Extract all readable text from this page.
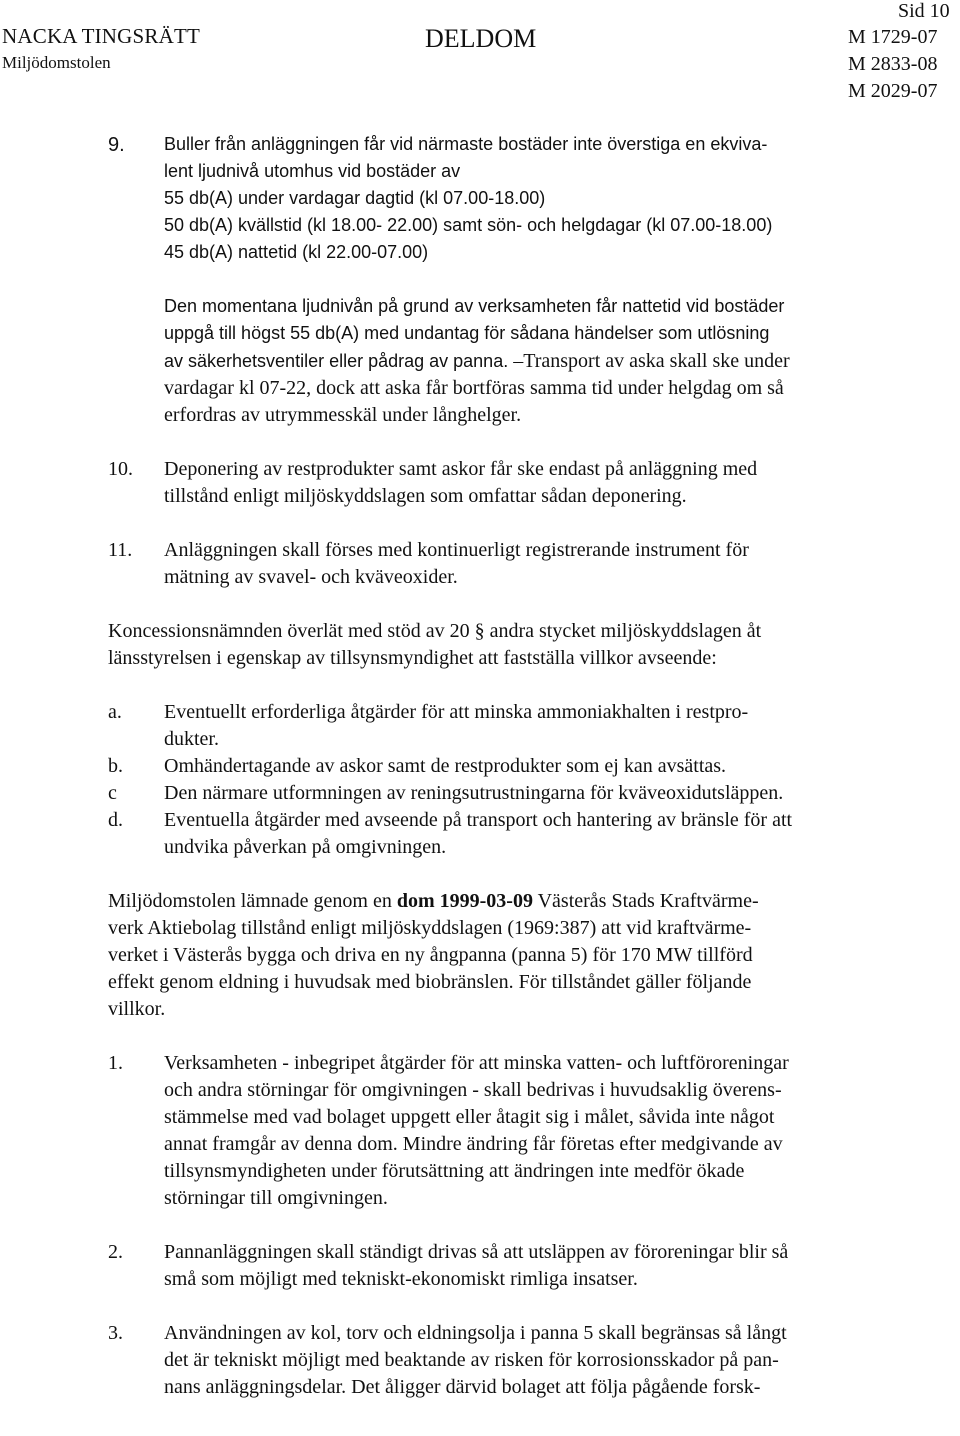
NACKA TINGSRÄTT
Miljödomstolen
DELDOM
Sid 10
M 1729-07
M 2833-08
M 2029-07
9. Buller från anläggningen får vid närmaste bostäder inte överstiga en ekviva-
lent ljudnivå utomhus vid bostäder av
55 db(A) under vardagar dagtid (kl 07.00-18.00)
50 db(A) kvällstid (kl 18.00- 22.00) samt sön- och helgdagar (kl 07.00-18.00)
45 db(A) nattetid (kl 22.00-07.00)
Den momentana ljudnivån på grund av verksamheten får nattetid vid bostäder
uppgå till högst 55 db(A) med undantag för sådana händelser som utlösning
av säkerhetsventiler eller pådrag av panna. –Transport av aska skall ske under
vardagar kl 07-22, dock att aska får bortföras samma tid under helgdag om så
erfordras av utrymmesskäl under långhelger.
10. Deponering av restprodukter samt askor får ske endast på anläggning med
tillstånd enligt miljöskyddslagen som omfattar sådan deponering.
11. Anläggningen skall förses med kontinuerligt registrerande instrument för
mätning av svavel- och kväveoxider.
Koncessionsnämnden överlät med stöd av 20 § andra stycket miljöskyddslagen åt
länsstyrelsen i egenskap av tillsynsmyndighet att fastställa villkor avseende:
a. Eventuellt erforderliga åtgärder för att minska ammoniakhalten i restpro-
dukter.
b. Omhändertagande av askor samt de restprodukter som ej kan avsättas.
c Den närmare utformningen av reningsutrustningarna för kväveoxidutsläppen.
d. Eventuella åtgärder med avseende på transport och hantering av bränsle för att
undvika påverkan på omgivningen.
Miljödomstolen lämnade genom en dom 1999-03-09 Västerås Stads Kraftvärme-
verk Aktiebolag tillstånd enligt miljöskyddslagen (1969:387) att vid kraftvärme-
verket i Västerås bygga och driva en ny ångpanna (panna 5) för 170 MW tillförd
effekt genom eldning i huvudsak med biobränslen. För tillståndet gäller följande
villkor.
1. Verksamheten - inbegripet åtgärder för att minska vatten- och luftföroreningar
och andra störningar för omgivningen - skall bedrivas i huvudsaklig överens-
stämmelse med vad bolaget uppgett eller åtagit sig i målet, såvida inte något
annat framgår av denna dom. Mindre ändring får företas efter medgivande av
tillsynsmyndigheten under förutsättning att ändringen inte medför ökade
störningar till omgivningen.
2. Pannanläggningen skall ständigt drivas så att utsläppen av föroreningar blir så
små som möjligt med tekniskt-ekonomiskt rimliga insatser.
3. Användningen av kol, torv och eldningsolja i panna 5 skall begränsas så långt
det är tekniskt möjligt med beaktande av risken för korrosionsskador på pan-
nans anläggningsdelar. Det åligger därvid bolaget att följa pågående forsk-
